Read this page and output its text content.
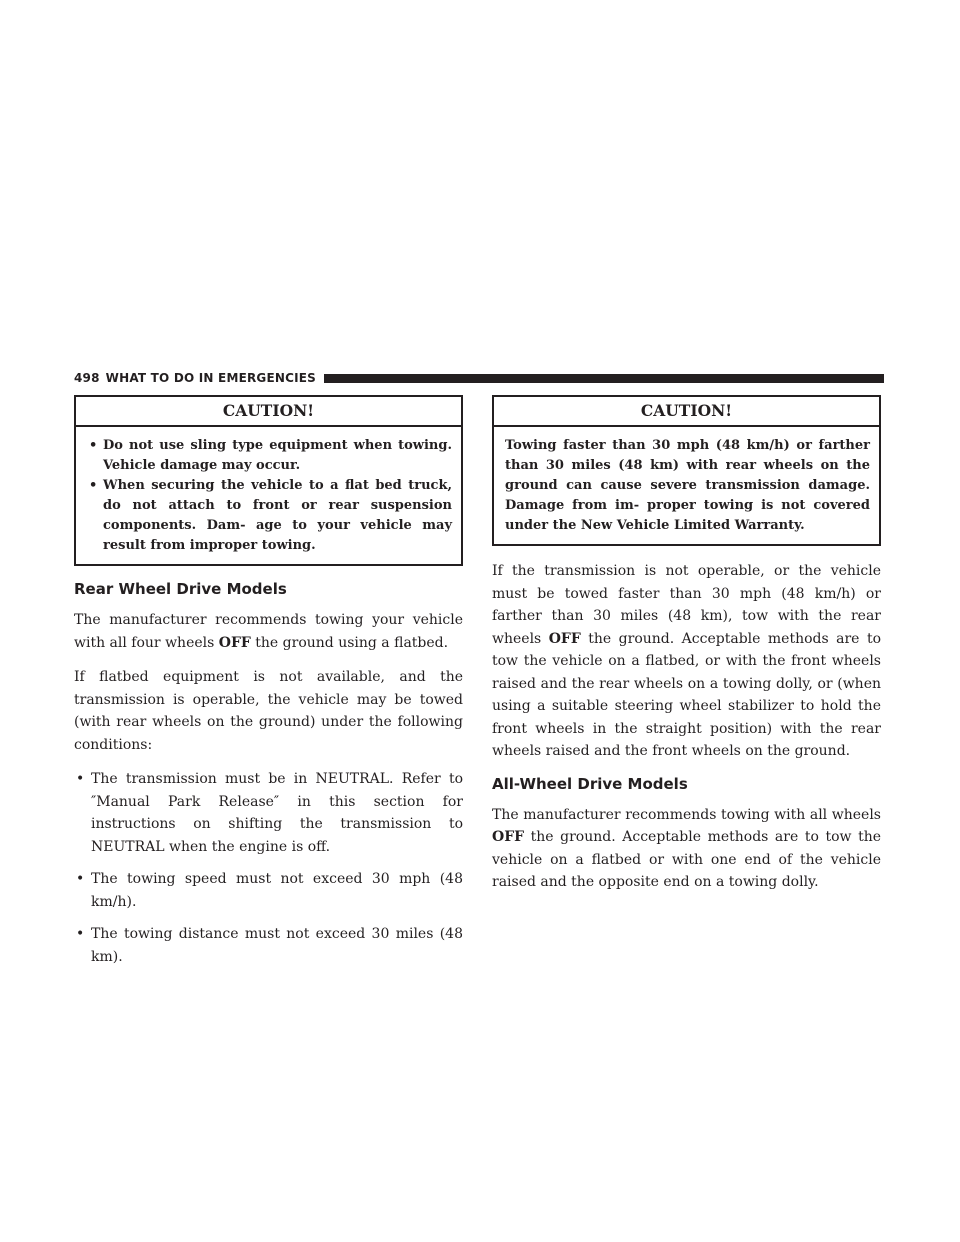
498 WHAT TO DO IN EMERGENCIES
CAUTION!
• Do not use sling type equipment when towing. Vehicle damage may occur.
• When securing the vehicle to a flat bed truck, do not attach to front or rear suspension components. Dam- age to your vehicle may result from improper towing.
Rear Wheel Drive Models

The manufacturer recommends towing your vehicle with all four wheels OFF the ground using a flatbed.

If flatbed equipment is not available, and the transmission is operable, the vehicle may be towed (with rear wheels on the ground) under the following conditions:

• The transmission must be in NEUTRAL. Refer to ″Manual Park Release″ in this section for instructions on shifting the transmission to NEUTRAL when the engine is off.
• The towing speed must not exceed 30 mph (48 km/h).
• The towing distance must not exceed 30 miles (48 km).
CAUTION!
Towing faster than 30 mph (48 km/h) or farther than 30 miles (48 km) with rear wheels on the ground can cause severe transmission damage. Damage from im- proper towing is not covered under the New Vehicle Limited Warranty.

If the transmission is not operable, or the vehicle must be towed faster than 30 mph (48 km/h) or farther than 30 miles (48 km), tow with the rear wheels OFF the ground. Acceptable methods are to tow the vehicle on a flatbed, or with the front wheels raised and the rear wheels on a towing dolly, or (when using a suitable steering wheel stabilizer to hold the front wheels in the straight position) with the rear wheels raised and the front wheels on the ground.

All-Wheel Drive Models

The manufacturer recommends towing with all wheels OFF the ground. Acceptable methods are to tow the vehicle on a flatbed or with one end of the vehicle raised and the opposite end on a towing dolly.
